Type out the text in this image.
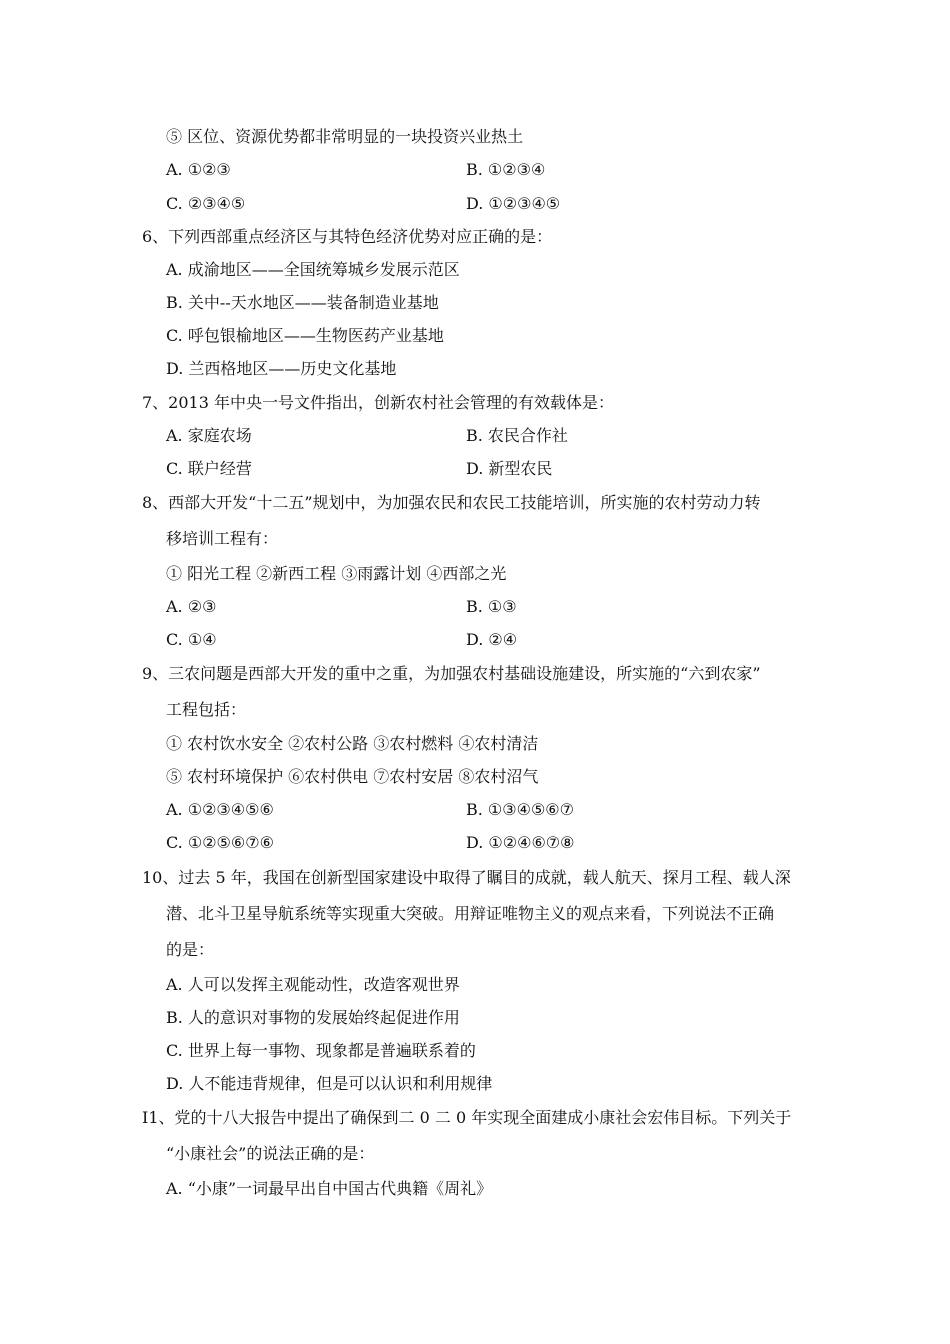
⑤ 区位、资源优势都非常明显的一块投资兴业热土
A. ①②③	B. ①②③④
C. ②③④⑤	D. ①②③④⑤
6、下列西部重点经济区与其特色经济优势对应正确的是：
A. 成渝地区——全国统筹城乡发展示范区
B. 关中--天水地区——装备制造业基地
C. 呼包银榆地区——生物医药产业基地
D. 兰西格地区——历史文化基地
7、2013 年中央一号文件指出，创新农村社会管理的有效载体是：
A. 家庭农场	B. 农民合作社
C. 联户经营	D. 新型农民
8、西部大开发“十二五”规划中，为加强农民和农民工技能培训，所实施的农村劳动力转
移培训工程有：
① 阳光工程 ②新西工程 ③雨露计划 ④西部之光
A. ②③	B. ①③
C. ①④	D. ②④
9、三农问题是西部大开发的重中之重，为加强农村基础设施建设，所实施的“六到农家”
工程包括：
① 农村饮水安全 ②农村公路 ③农村燃料 ④农村清洁
⑤ 农村环境保护 ⑥农村供电 ⑦农村安居 ⑧农村沼气
A. ①②③④⑤⑥	B. ①③④⑤⑥⑦
C. ①②⑤⑥⑦⑥	D. ①②④⑥⑦⑧
10、过去 5 年，我国在创新型国家建设中取得了瞩目的成就，载人航天、探月工程、载人深
潜、北斗卫星导航系统等实现重大突破。用辩证唯物主义的观点来看，下列说法不正确
的是：
A. 人可以发挥主观能动性，改造客观世界
B. 人的意识对事物的发展始终起促进作用
C. 世界上每一事物、现象都是普遍联系着的
D. 人不能违背规律，但是可以认识和利用规律
I1、党的十八大报告中提出了确保到二 0 二 0 年实现全面建成小康社会宏伟目标。下列关于
“小康社会”的说法正确的是：
A. “小康”一词最早出自中国古代典籍《周礼》
